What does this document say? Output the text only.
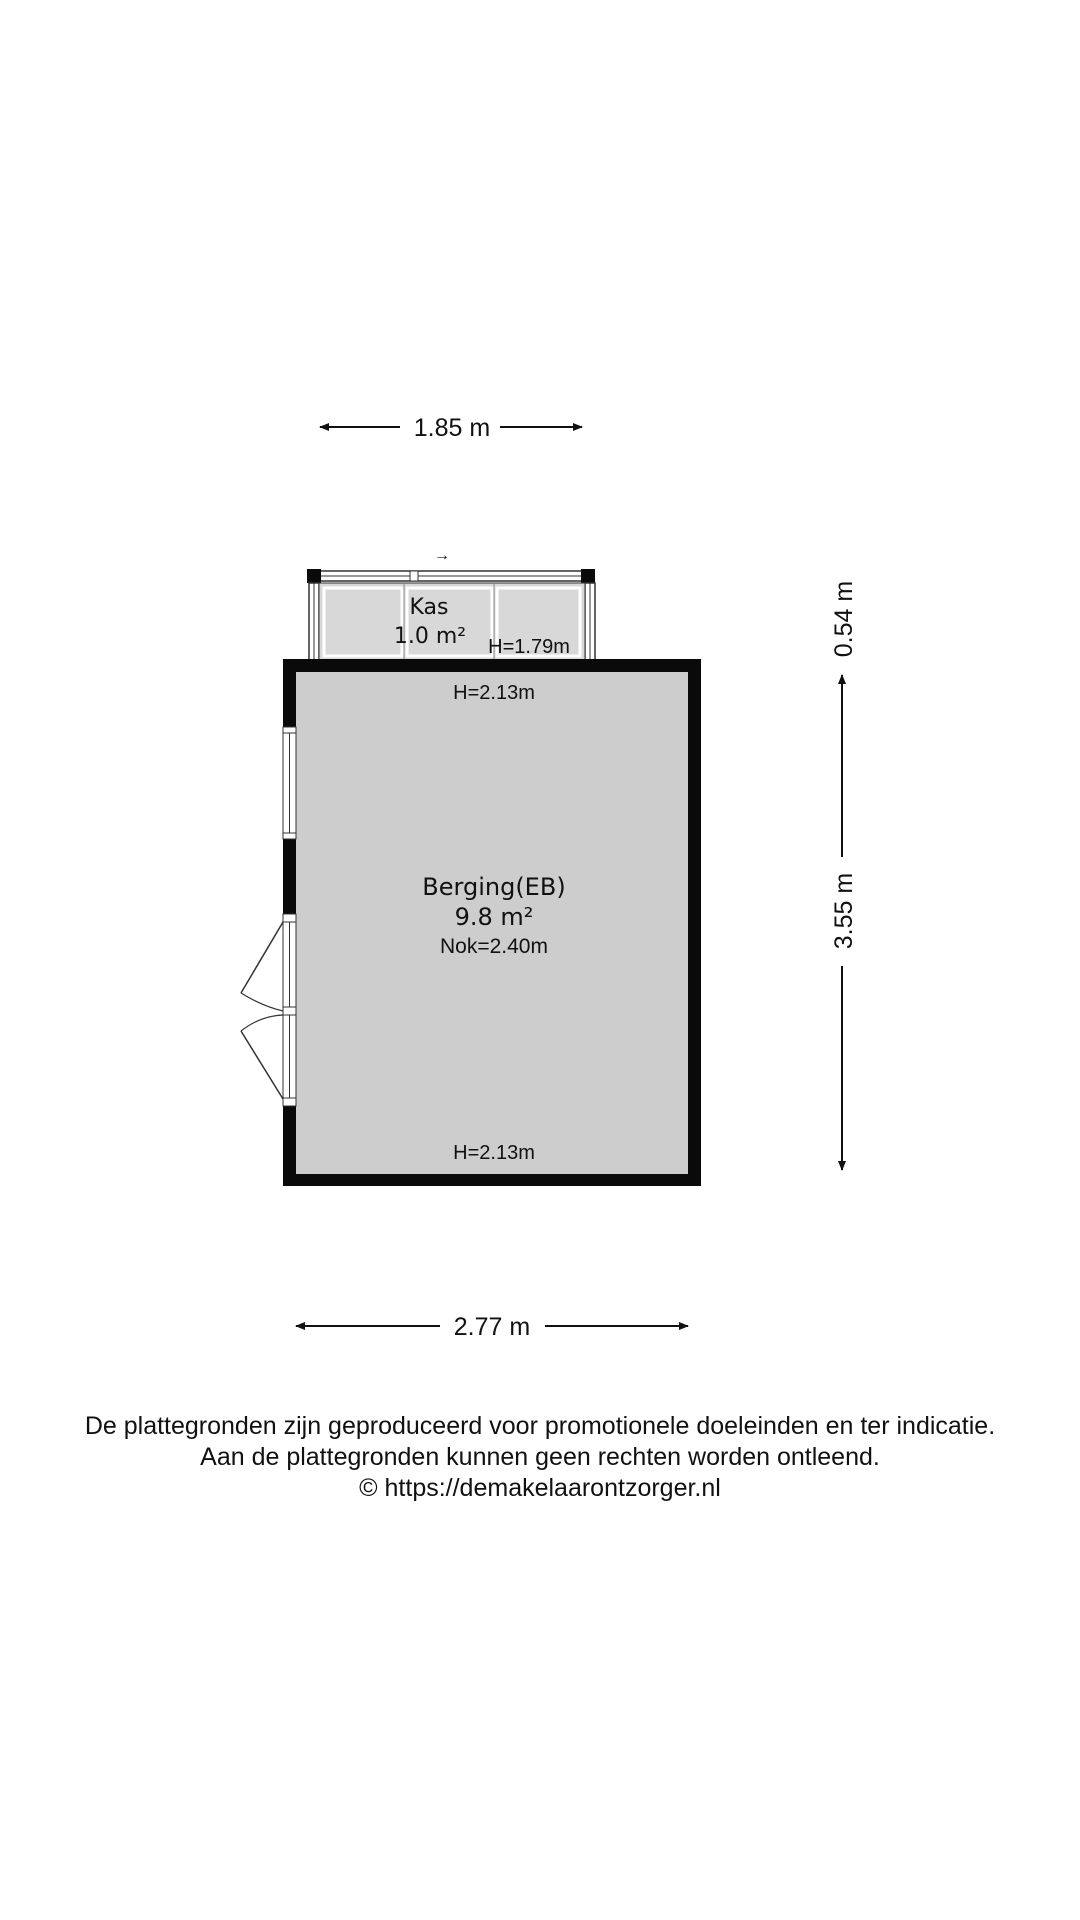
1.85 m
→
Kas
1.0 m² H=1.79m
H=2.13m
Berging(EB)
9.8 m²
Nok=2.40m
H=2.13m
0.54 m
3.55 m
2.77 m
De plattegronden zijn geproduceerd voor promotionele doeleinden en ter indicatie.
Aan de plattegronden kunnen geen rechten worden ontleend.
© https://demakelaarontzorger.nl
